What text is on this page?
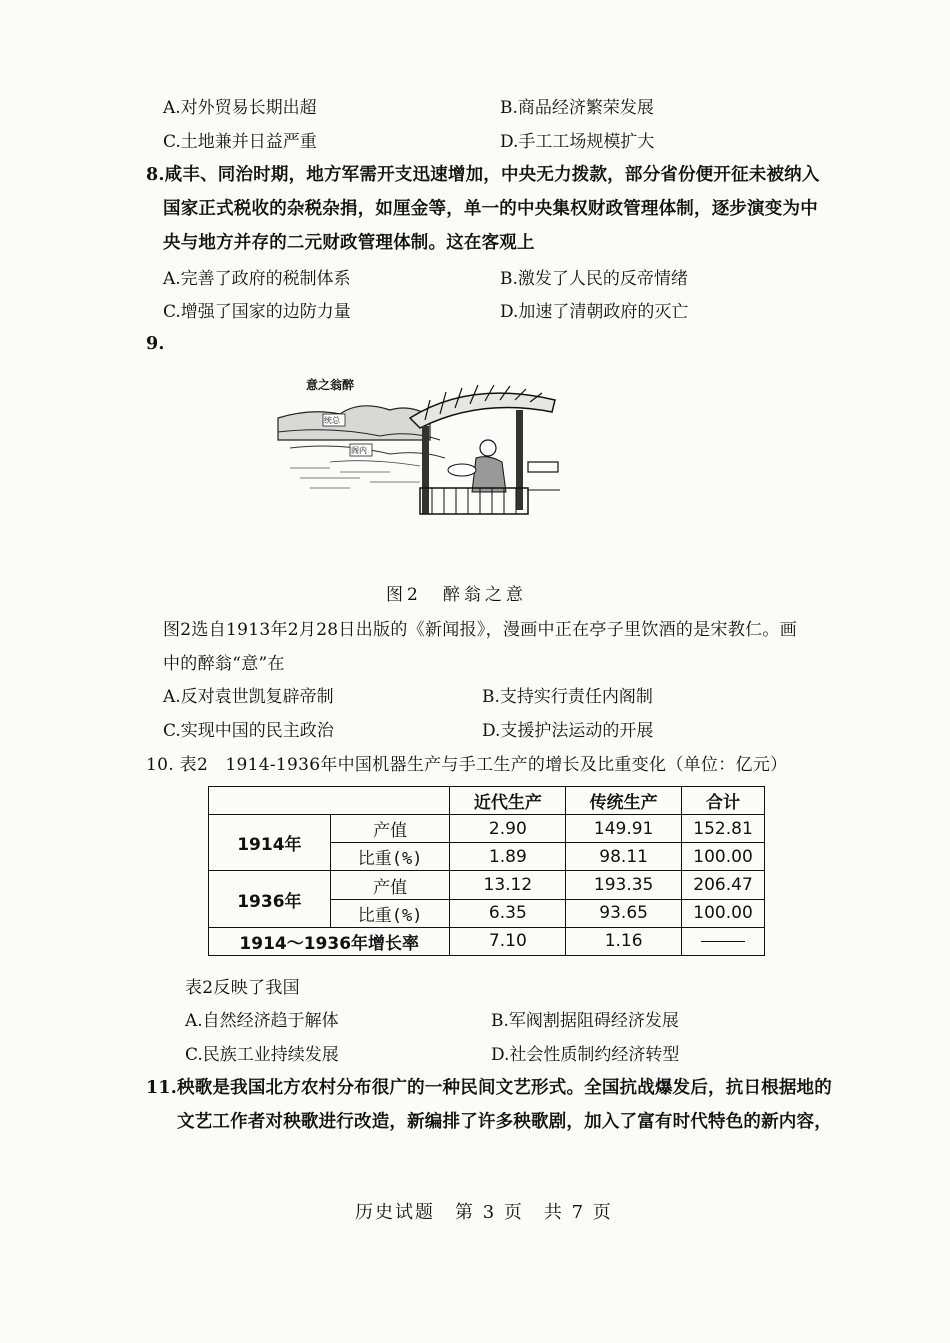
A.对外贸易长期出超	B.商品经济繁荣发展
C.土地兼并日益严重	D.手工工场规模扩大
8.咸丰、同治时期，地方军需开支迅速增加，中央无力拨款，部分省份便开征未被纳入
国家正式税收的杂税杂捐，如厘金等，单一的中央集权财政管理体制，逐步演变为中
央与地方并存的二元财政管理体制。这在客观上
A.完善了政府的税制体系	B.激发了人民的反帝情绪
C.增强了国家的边防力量	D.加速了清朝政府的灭亡
9.
意之翁醉
统总
阁内
图2　醉翁之意
图2选自1913年2月28日出版的《新闻报》，漫画中正在亭子里饮酒的是宋教仁。画
中的醉翁“意”在
A.反对袁世凯复辟帝制	B.支持实行责任内阁制
C.实现中国的民主政治	D.支援护法运动的开展
10. 表2　1914-1936年中国机器生产与手工生产的增长及比重变化（单位：亿元）
		近代生产	传统生产	合计
1914年	产值	2.90	149.91	152.81
	比重(%)	1.89	98.11	100.00
1936年	产值	13.12	193.35	206.47
	比重(%)	6.35	93.65	100.00
1914～1936年增长率		7.10	1.16	
表2反映了我国
A.自然经济趋于解体	B.军阀割据阻碍经济发展
C.民族工业持续发展	D.社会性质制约经济转型
11.秧歌是我国北方农村分布很广的一种民间文艺形式。全国抗战爆发后，抗日根据地的
文艺工作者对秧歌进行改造，新编排了许多秧歌剧，加入了富有时代特色的新内容，
历史试题　第 3 页　共 7 页
